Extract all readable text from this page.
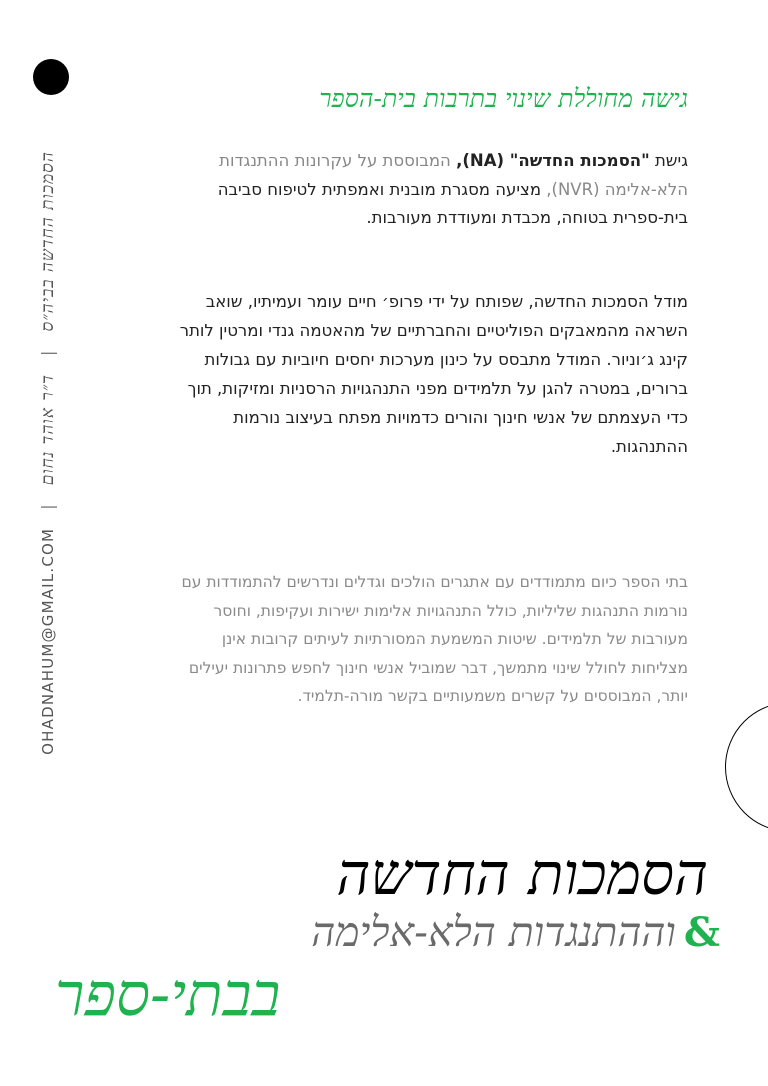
OHADNAHUM@GMAIL.COM | ד״ר אוהד נחום | הסמכות החדשה בביה״ס
גישה מחוללת שינוי בתרבות בית-הספר
גישת "הסמכות החדשה" (NA), המבוססת על עקרונות ההתנגדות הלא-אלימה (NVR), מציעה מסגרת מובנית ואמפתית לטיפוח סביבה בית-ספרית בטוחה, מכבדת ומעודדת מעורבות.
מודל הסמכות החדשה, שפותח על ידי פרופ׳ חיים עומר ועמיתיו, שואב השראה מהמאבקים הפוליטיים והחברתיים של מהאטמה גנדי ומרטין לותר קינג ג׳וניור. המודל מתבסס על כינון מערכות יחסים חיוביות עם גבולות ברורים, במטרה להגן על תלמידים מפני התנהגויות הרסניות ומזיקות, תוך כדי העצמתם של אנשי חינוך והורים כדמויות מפתח בעיצוב נורמות ההתנהגות.
בתי הספר כיום מתמודדים עם אתגרים הולכים וגדלים ונדרשים להתמודדות עם נורמות התנהגות שליליות, כולל התנהגויות אלימות ישירות ועקיפות, וחוסר מעורבות של תלמידים. שיטות המשמעת המסורתיות לעיתים קרובות אינן מצליחות לחולל שינוי מתמשך, דבר שמוביל אנשי חינוך לחפש פתרונות יעילים יותר, המבוססים על קשרים משמעותיים בקשר מורה-תלמיד.
הסמכות החדשה
&וההתנגדות הלא-אלימה
בבתי-ספר
